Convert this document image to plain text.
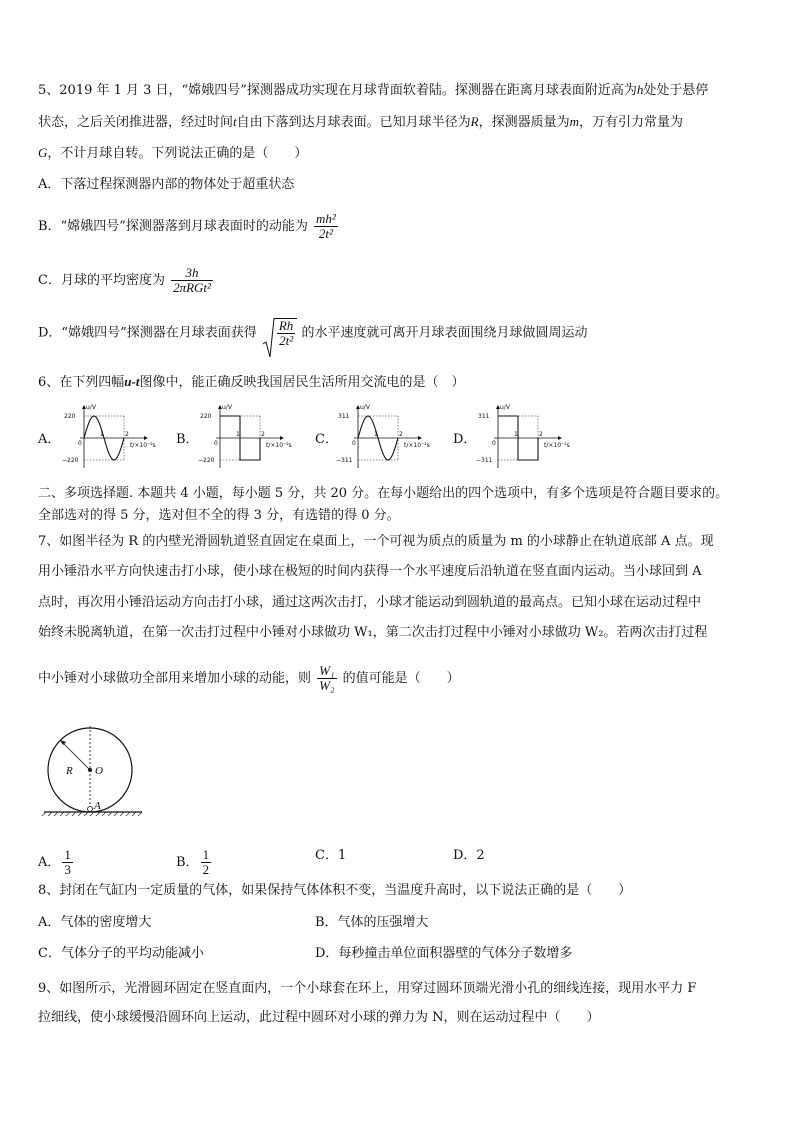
5、2019 年 1 月 3 日，“嫦娥四号”探测器成功实现在月球背面软着陆。探测器在距离月球表面附近高为h处处于悬停
状态，之后关闭推进器，经过时间t自由下落到达月球表面。已知月球半径为R，探测器质量为m，万有引力常量为
G，不计月球自转。下列说法正确的是（　　）
A．下落过程探测器内部的物体处于超重状态
B．“嫦娥四号”探测器落到月球表面时的动能为 $\frac{\text{mh²}}{\text{2t²}}$
C．月球的平均密度为 $\frac{3h}{\text{2πRGt²}}$
D．“嫦娥四号”探测器在月球表面获得 $\frac{Rh}{\text{2t²}}$ 的水平速度就可离开月球表面围绕月球做圆周运动
6、在下列四幅u-t图像中，能正确反映我国居民生活所用交流电的是（　）
A．	B．	C．	D．
u/V
220
−220
t/×10⁻²s
1	2
0
u/V
220
−220
t/×10⁻²s
1	2
0
u/V
311
−311
t/×10⁻²s
1	2
0
u/V
311
−311
t/×10⁻²s
1	2
0
二、多项选择题. 本题共 4 小题，每小题 5 分，共 20 分。在每小题给出的四个选项中，有多个选项是符合题目要求的。
全部选对的得 5 分，选对但不全的得 3 分，有选错的得 0 分。
7、如图半径为 R 的内壁光滑圆轨道竖直固定在桌面上，一个可视为质点的质量为 m 的小球静止在轨道底部 A 点。现
用小锤沿水平方向快速击打小球，使小球在极短的时间内获得一个水平速度后沿轨道在竖直面内运动。当小球回到 A
点时，再次用小锤沿运动方向击打小球，通过这两次击打，小球才能运动到圆轨道的最高点。已知小球在运动过程中
始终未脱离轨道，在第一次击打过程中小锤对小球做功 W₁，第二次击打过程中小锤对小球做功 W₂。若两次击打过程
中小锤对小球做功全部用来增加小球的动能，则 $\frac{\text{W₁}}{\text{W₂}}$ 的值可能是（　　）
R O
A
A． $\frac{1}{3}$	B． $\frac{1}{2}$	C．1	D．2
8、封闭在气缸内一定质量的气体，如果保持气体体积不变，当温度升高时，以下说法正确的是（　　）
A．气体的密度增大	B．气体的压强增大
C．气体分子的平均动能减小	D．每秒撞击单位面积器壁的气体分子数增多
9、如图所示，光滑圆环固定在竖直面内，一个小球套在环上，用穿过圆环顶端光滑小孔的细线连接，现用水平力 F
拉细线，使小球缓慢沿圆环向上运动，此过程中圆环对小球的弹力为 N，则在运动过程中（　　）
